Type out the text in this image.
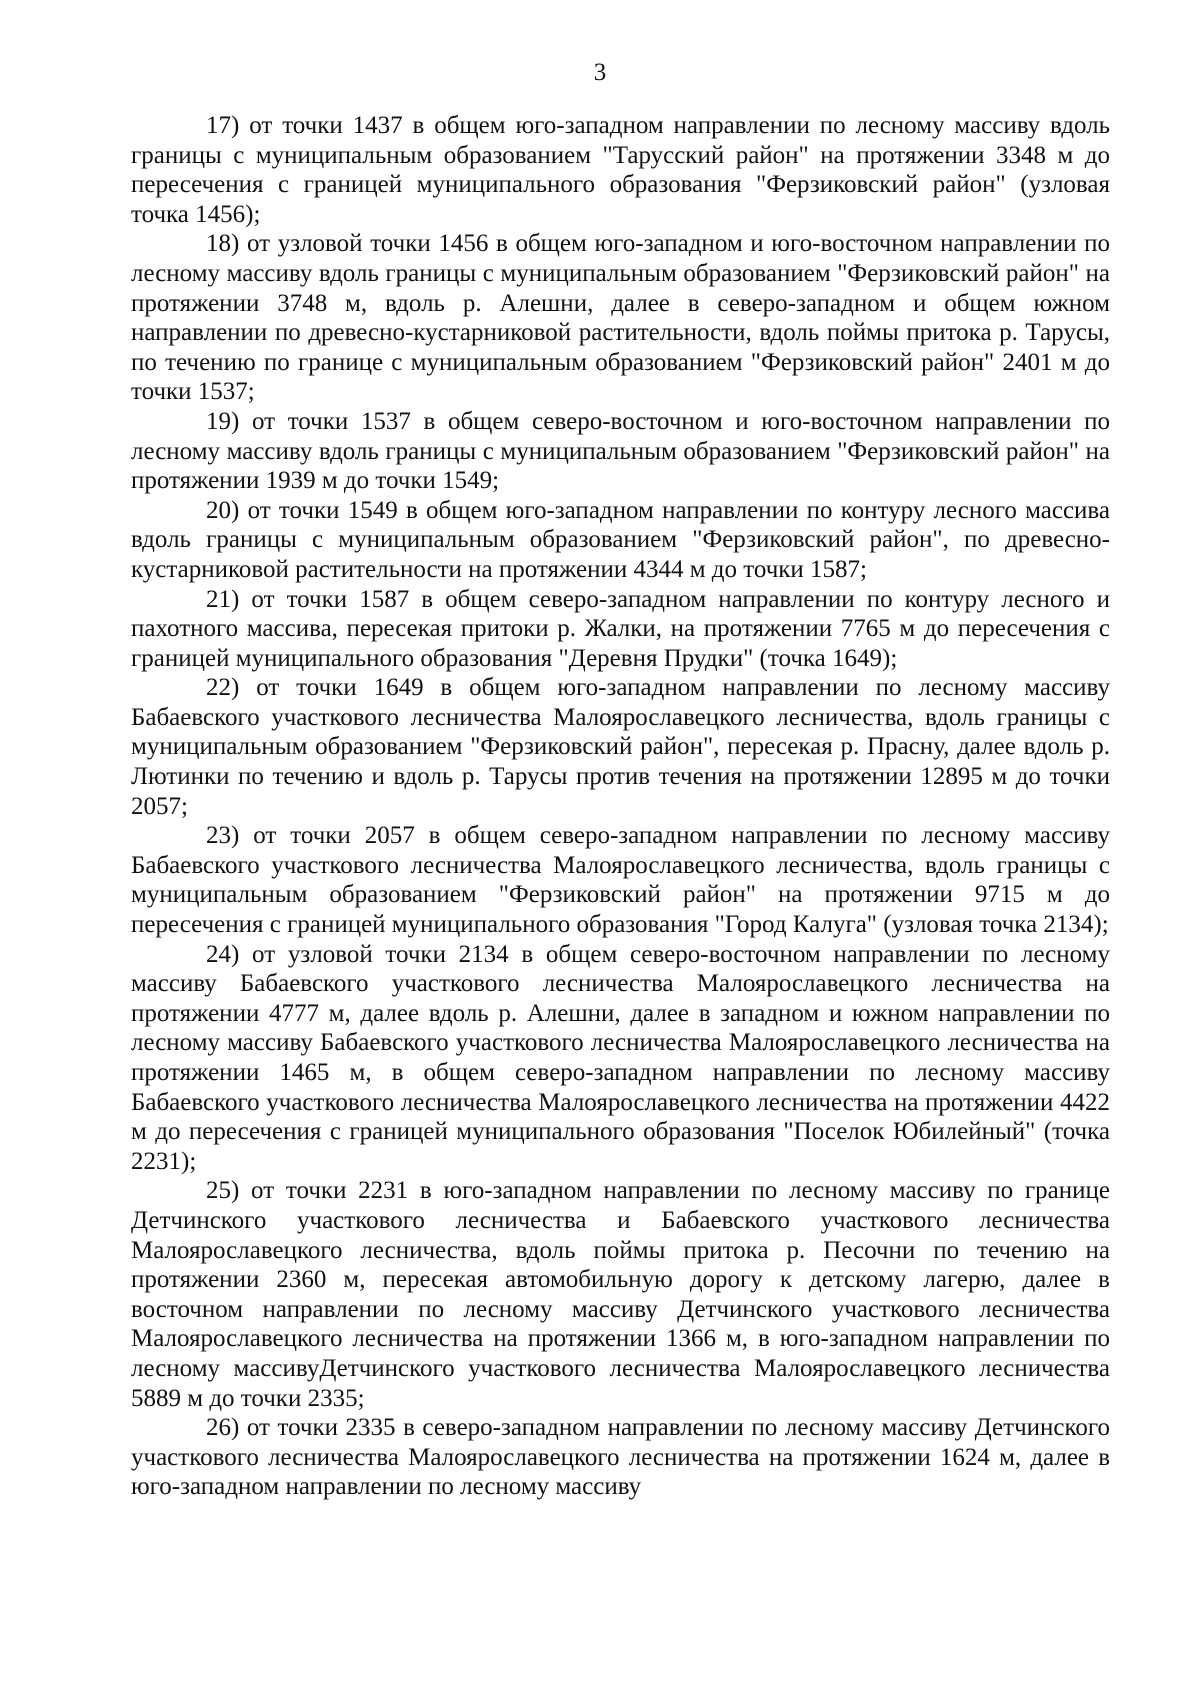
3

17) от точки 1437 в общем юго-западном направлении по лесному массиву вдоль границы с муниципальным образованием "Тарусский район" на протяжении 3348 м до пересечения с границей муниципального образования "Ферзиковский район" (узловая точка 1456);

18) от узловой точки 1456 в общем юго-западном и юго-восточном направлении по лесному массиву вдоль границы с муниципальным образованием "Ферзиковский район" на протяжении 3748 м, вдоль р. Алешни, далее в северо-западном и общем южном направлении по древесно-кустарниковой растительности, вдоль поймы притока р. Тарусы, по течению по границе с муниципальным образованием "Ферзиковский район" 2401 м до точки 1537;

19) от точки 1537 в общем северо-восточном и юго-восточном направлении по лесному массиву вдоль границы с муниципальным образованием "Ферзиковский район" на протяжении 1939 м до точки 1549;

20) от точки 1549 в общем юго-западном направлении по контуру лесного массива вдоль границы с муниципальным образованием "Ферзиковский район", по древесно-кустарниковой растительности на протяжении 4344 м до точки 1587;

21) от точки 1587 в общем северо-западном направлении по контуру лесного и пахотного массива, пересекая притоки р. Жалки, на протяжении 7765 м до пересечения с границей муниципального образования "Деревня Прудки" (точка 1649);

22) от точки 1649 в общем юго-западном направлении по лесному массиву Бабаевского участкового лесничества Малоярославецкого лесничества, вдоль границы с муниципальным образованием "Ферзиковский район", пересекая р. Прасну, далее вдоль р. Лютинки по течению и вдоль р. Тарусы против течения на протяжении 12895 м до точки 2057;

23) от точки 2057 в общем северо-западном направлении по лесному массиву Бабаевского участкового лесничества Малоярославецкого лесничества, вдоль границы с муниципальным образованием "Ферзиковский район" на протяжении 9715 м до пересечения с границей муниципального образования "Город Калуга" (узловая точка 2134);

24) от узловой точки 2134 в общем северо-восточном направлении по лесному массиву Бабаевского участкового лесничества Малоярославецкого лесничества на протяжении 4777 м, далее вдоль р. Алешни, далее в западном и южном направлении по лесному массиву Бабаевского участкового лесничества Малоярославецкого лесничества на протяжении 1465 м, в общем северо-западном направлении по лесному массиву Бабаевского участкового лесничества Малоярославецкого лесничества на протяжении 4422 м до пересечения с границей муниципального образования "Поселок Юбилейный" (точка 2231);

25) от точки 2231 в юго-западном направлении по лесному массиву по границе Детчинского участкового лесничества и Бабаевского участкового лесничества Малоярославецкого лесничества, вдоль поймы притока р. Песочни по течению на протяжении 2360 м, пересекая автомобильную дорогу к детскому лагерю, далее в восточном направлении по лесному массиву Детчинского участкового лесничества Малоярославецкого лесничества на протяжении 1366 м, в юго-западном направлении по лесному массивуДетчинского участкового лесничества Малоярославецкого лесничества 5889 м до точки 2335;

26) от точки 2335 в северо-западном направлении по лесному массиву Детчинского участкового лесничества Малоярославецкого лесничества на протяжении 1624 м, далее в юго-западном направлении по лесному массиву
